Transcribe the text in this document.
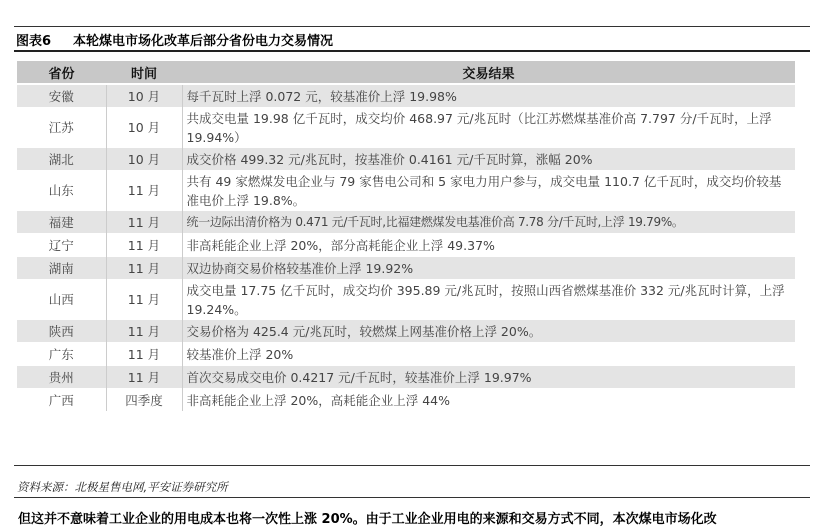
图表6 本轮煤电市场化改革后部分省份电力交易情况
省份	时间	交易结果
安徽	10 月	每千瓦时上浮 0.072 元，较基准价上浮 19.98%
江苏	10 月	共成交电量 19.98 亿千瓦时，成交均价 468.97 元/兆瓦时（比江苏燃煤基准价高 7.797 分/千瓦时，上浮 19.94%）
湖北	10 月	成交价格 499.32 元/兆瓦时，按基准价 0.4161 元/千瓦时算，涨幅 20%
山东	11 月	共有 49 家燃煤发电企业与 79 家售电公司和 5 家电力用户参与，成交电量 110.7 亿千瓦时，成交均价较基准电价上浮 19.8%。
福建	11 月	统一边际出清价格为 0.471 元/千瓦时,比福建燃煤发电基准价高 7.78 分/千瓦时,上浮 19.79%。
辽宁	11 月	非高耗能企业上浮 20%，部分高耗能企业上浮 49.37%
湖南	11 月	双边协商交易价格较基准价上浮 19.92%
山西	11 月	成交电量 17.75 亿千瓦时，成交均价 395.89 元/兆瓦时，按照山西省燃煤基准价 332 元/兆瓦时计算，上浮 19.24%。
陕西	11 月	交易价格为 425.4 元/兆瓦时，较燃煤上网基准价格上浮 20%。
广东	11 月	较基准价上浮 20%
贵州	11 月	首次交易成交电价 0.4217 元/千瓦时，较基准价上浮 19.97%
广西	四季度	非高耗能企业上浮 20%，高耗能企业上浮 44%
资料来源：北极星售电网,平安证券研究所
但这并不意味着工业企业的用电成本也将一次性上涨 20%。由于工业企业用电的来源和交易方式不同，本次煤电市场化改
